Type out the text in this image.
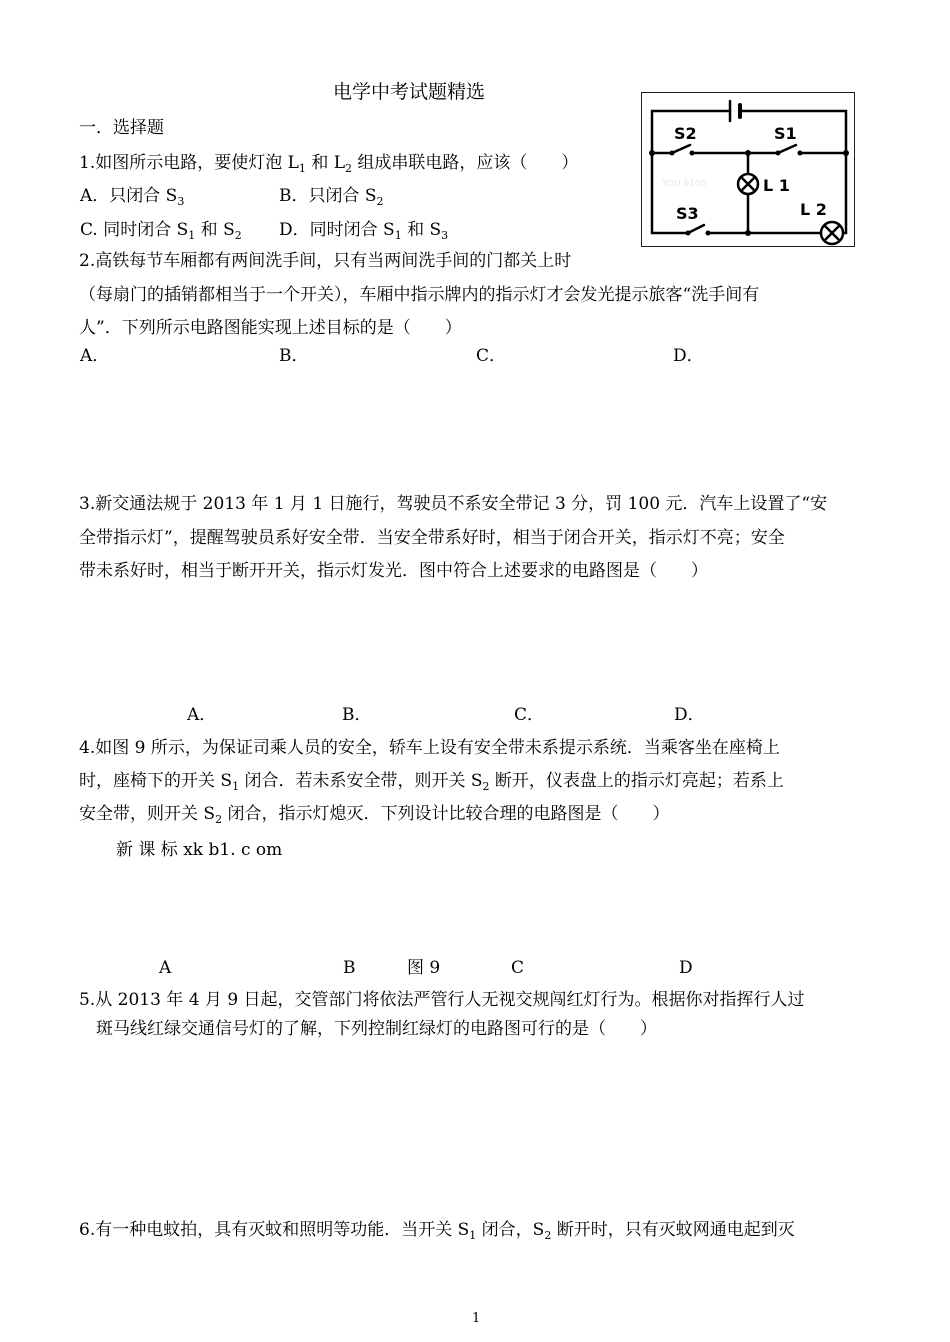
电学中考试题精选
一．选择题
1.如图所示电路，要使灯泡 $L_1$ 和 $L_2$ 组成串联电路，应该（　　）
A．只闭合 $S_3$	B．只闭合 $S_2$
C. 同时闭合 $S_1$ 和 $S_2$ D．同时闭合 $S_1$ 和 $S_3$
S2	S1
S3
L 1
L 2
YOU 6100
2.高铁每节车厢都有两间洗手间，只有当两间洗手间的门都关上时
（每扇门的插销都相当于一个开关），车厢中指示牌内的指示灯才会发光提示旅客“洗手间有
人”．下列所示电路图能实现上述目标的是（　　）
A．	B．	C．	D．
3.新交通法规于 2013 年 1 月 1 日施行，驾驶员不系安全带记 3 分，罚 100 元．汽车上设置了“安
全带指示灯”，提醒驾驶员系好安全带．当安全带系好时，相当于闭合开关，指示灯不亮；安全
带未系好时，相当于断开开关，指示灯发光．图中符合上述要求的电路图是（　　）
A．	B．	C．	D．
4.如图 9 所示，为保证司乘人员的安全，轿车上设有安全带未系提示系统．当乘客坐在座椅上
时，座椅下的开关 $S_1$ 闭合．若未系安全带，则开关 $S_2$ 断开，仪表盘上的指示灯亮起；若系上
安全带，则开关 $S_2$ 闭合，指示灯熄灭．下列设计比较合理的电路图是（　　）
新 课 标 xk b1. c om
A	B	图 9	C	D
5.从 2013 年 4 月 9 日起，交管部门将依法严管行人无视交规闯红灯行为。根据你对指挥行人过
斑马线红绿交通信号灯的了解，下列控制红绿灯的电路图可行的是（　　）
6.有一种电蚊拍，具有灭蚊和照明等功能．当开关 $S_1$ 闭合，$S_2$ 断开时，只有灭蚊网通电起到灭
1
